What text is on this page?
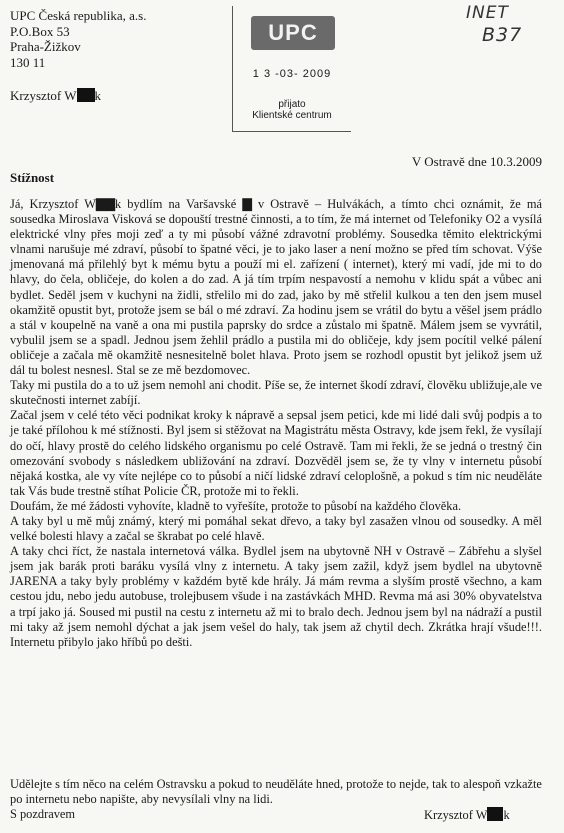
UPC Česká republika, a.s.
P.O.Box 53
Praha-Žižkov
130 11
Krzysztof W k
UPC
1 3 -03- 2009
přijato
Klientské centrum
INET
B37
V Ostravě dne 10.3.2009
Stížnost

Já, Krzysztof W▇▇k bydlím na Varšavské ▇ v Ostravě – Hulvákách, a tímto chci oznámit, že má sousedka Miroslava Visková se dopouští trestné činnosti, a to tím, že má internet od Telefoniky O2 a vysílá elektrické vlny přes moji zeď a ty mi působí vážné zdravotní problémy. Sousedka těmito elektrickými vlnami narušuje mé zdraví, působí to špatné věci, je to jako laser a není možno se před tím schovat. Výše jmenovaná má přilehlý byt k mému bytu a použí mi el. zařízení ( internet), který mi vadí, jde mi to do hlavy, do čela, obličeje, do kolen a do zad. A já tím trpím nespavostí a nemohu v klidu spát a vůbec ani bydlet. Seděl jsem v kuchyni na židli, střelilo mi do zad, jako by mě střelil kulkou a ten den jsem musel okamžitě opustit byt, protože jsem se bál o mé zdraví. Za hodinu jsem se vrátil do bytu a věšel jsem prádlo a stál v koupelně na vaně a ona mi pustila paprsky do srdce a zůstalo mi špatně. Málem jsem se vyvrátil, vybulil jsem se a spadl. Jednou jsem žehlil prádlo a pustila mi do obličeje, kdy jsem pocítil velké pálení obličeje a začala mě okamžitě nesnesitelně bolet hlava. Proto jsem se rozhodl opustit byt jelikož jsem už dál tu bolest nesnesl. Stal se ze mě bezdomovec.

Taky mi pustila do a to už jsem nemohl ani chodit. Píše se, že internet škodí zdraví, člověku ubližuje,ale ve skutečnosti internet zabíjí.

Začal jsem v celé této věci podnikat kroky k nápravě a sepsal jsem petici, kde mi lidé dali svůj podpis a to je také přílohou k mé stížnosti. Byl jsem si stěžovat na Magistrátu města Ostravy, kde jsem řekl, že vysílají do očí, hlavy prostě do celého lidského organismu po celé Ostravě. Tam mi řekli, že se jedná o trestný čin omezování svobody s následkem ubližování na zdraví. Dozvěděl jsem se, že ty vlny v internetu působí nějaká kostka, ale vy víte nejlépe co to působí a ničí lidské zdraví celoplošně, a pokud s tím nic neuděláte tak Vás bude trestně stíhat Policie ČR, protože mi to řekli.

Doufám, že mé žádosti vyhovíte, kladně to vyřešíte, protože to působí na každého člověka.

A taky byl u mě můj známý, který mi pomáhal sekat dřevo, a taky byl zasažen vlnou od sousedky. A měl velké bolesti hlavy a začal se škrabat po celé hlavě.

A taky chci říct, že nastala internetová válka. Bydlel jsem na ubytovně NH v Ostravě – Zábřehu a slyšel jsem jak barák proti baráku vysílá vlny z internetu. A taky jsem zažil, když jsem bydlel na ubytovně JARENA a taky byly problémy v každém bytě kde hrály. Já mám revma a slyším prostě všechno, a kam cestou jdu, nebo jedu autobuse, trolejbusem všude i na zastávkách MHD. Revma má asi 30% obyvatelstva a trpí jako já. Soused mi pustil na cestu z internetu až mi to bralo dech. Jednou jsem byl na nádraží a pustil mi taky až jsem nemohl dýchat a jak jsem vešel do haly, tak jsem až chytil dech. Zkrátka hrají všude!!!. Internetu přibylo jako hříbů po dešti.

Udělejte s tím něco na celém Ostravsku a pokud to neuděláte hned, protože to nejde, tak to alespoň vzkažte po internetu nebo napište, aby nevysílali vlny na lidi.

S pozdravem	Krzysztof W k
